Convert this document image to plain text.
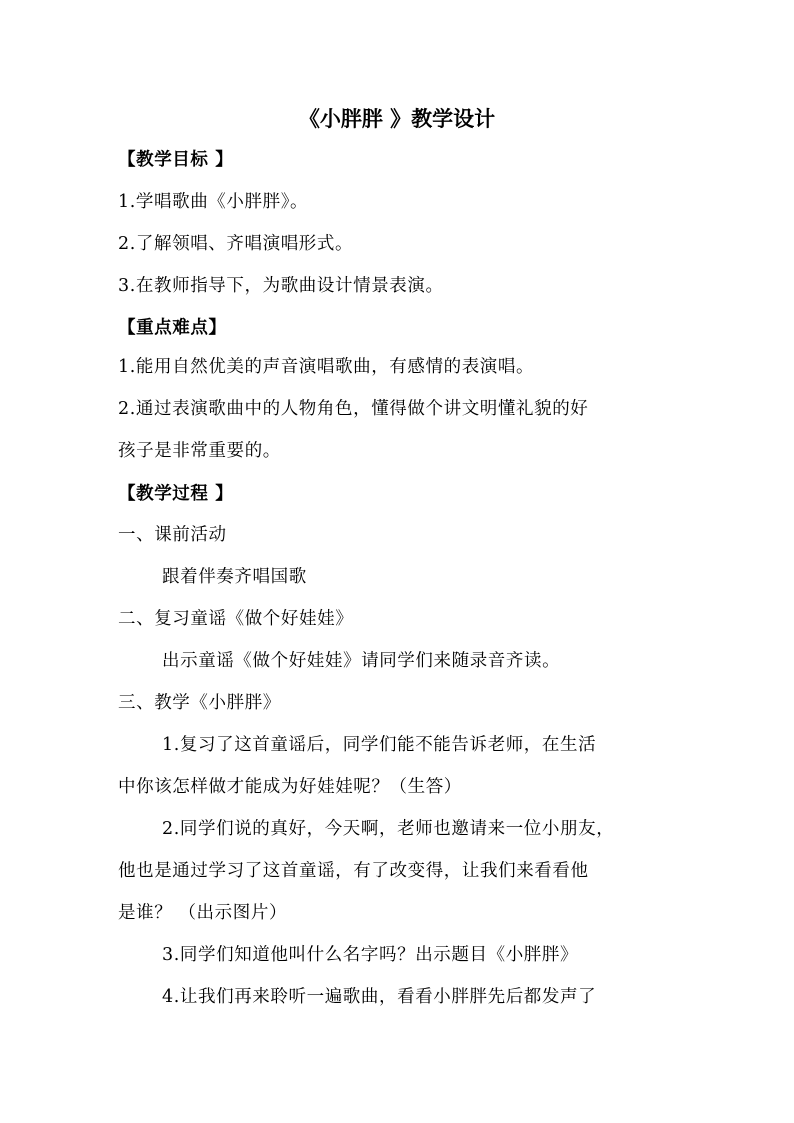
《小胖胖 》教学设计
【教学目标 】
1.学唱歌曲《小胖胖》。
2.了解领唱、齐唱演唱形式。
3.在教师指导下，为歌曲设计情景表演。
【重点难点】
1.能用自然优美的声音演唱歌曲，有感情的表演唱。
2.通过表演歌曲中的人物角色，懂得做个讲文明懂礼貌的好
孩子是非常重要的。
【教学过程 】
一、课前活动
跟着伴奏齐唱国歌
二、复习童谣《做个好娃娃》
出示童谣《做个好娃娃》请同学们来随录音齐读。
三、教学《小胖胖》
1.复习了这首童谣后，同学们能不能告诉老师，在生活
中你该怎样做才能成为好娃娃呢？（生答）
2.同学们说的真好，今天啊，老师也邀请来一位小朋友，
他也是通过学习了这首童谣，有了改变得，让我们来看看他
是谁？ （出示图片）
3.同学们知道他叫什么名字吗？出示题目《小胖胖》
4.让我们再来聆听一遍歌曲，看看小胖胖先后都发声了
